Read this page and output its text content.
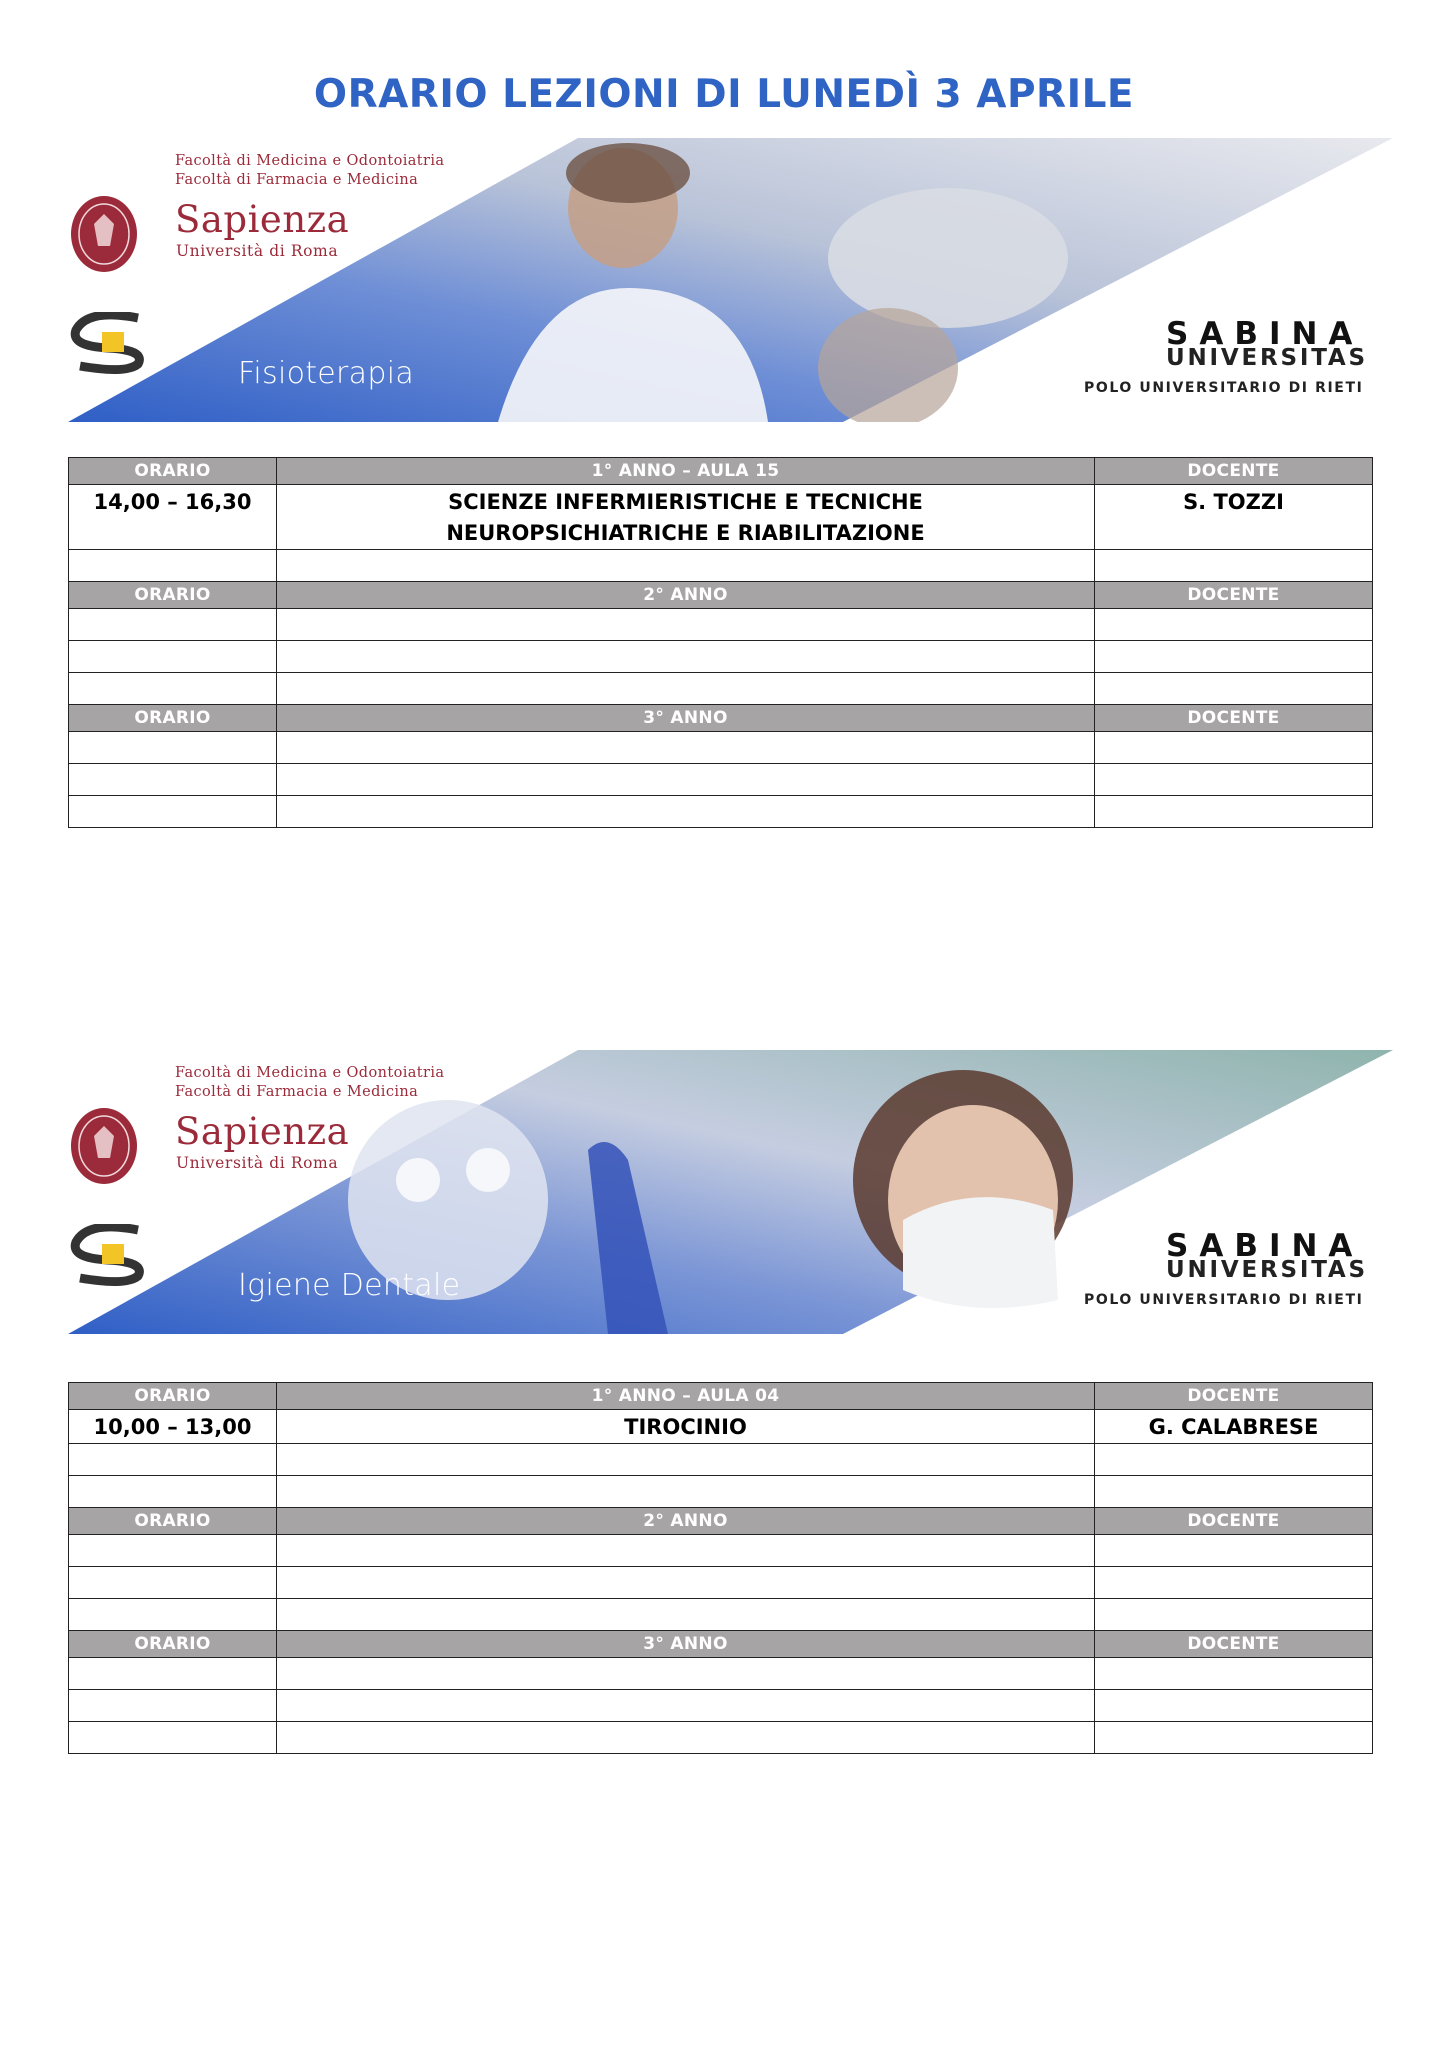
ORARIO LEZIONI DI LUNEDÌ 3 APRILE
Facoltà di Medicina e Odontoiatria
Facoltà di Farmacia e Medicina
Sapienza
Università di Roma
Fisioterapia
SABINA
UNIVERSITAS
POLO UNIVERSITARIO DI RIETI
ORARIO	1° ANNO – AULA 15	DOCENTE
14,00 – 16,30	SCIENZE INFERMIERISTICHE E TECNICHE NEUROPSICHIATRICHE E RIABILITAZIONE	S. TOZZI

ORARIO	2° ANNO	DOCENTE

ORARIO	3° ANNO	DOCENTE

Facoltà di Medicina e Odontoiatria
Facoltà di Farmacia e Medicina
Sapienza
Università di Roma
Igiene Dentale
SABINA
UNIVERSITAS
POLO UNIVERSITARIO DI RIETI
ORARIO	1° ANNO – AULA 04	DOCENTE
10,00 – 13,00	TIROCINIO	G. CALABRESE

ORARIO	2° ANNO	DOCENTE

ORARIO	3° ANNO	DOCENTE
